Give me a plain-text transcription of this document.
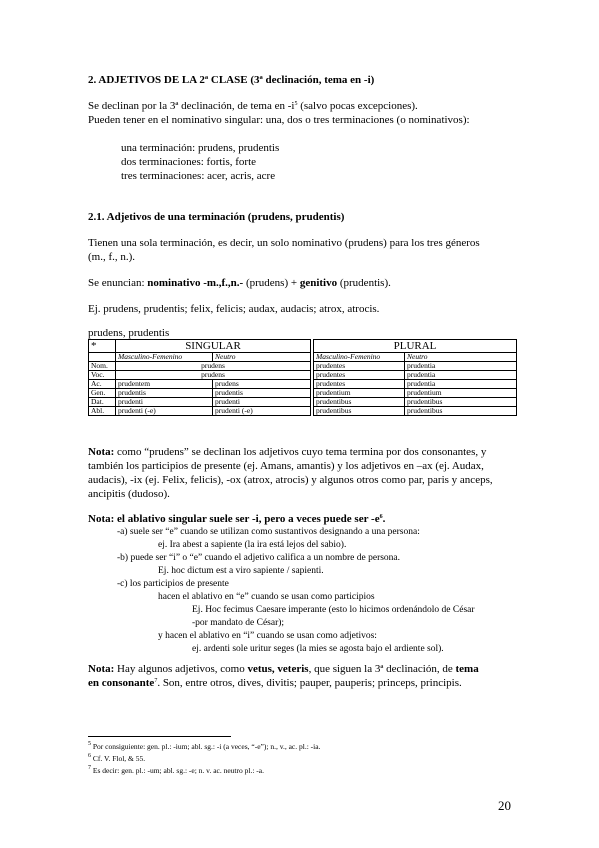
2. ADJETIVOS DE LA 2ª CLASE (3ª declinación, tema en -i)
Se declinan por la 3ª declinación, de tema en $-i^5$ (salvo pocas excepciones).
Pueden tener en el nominativo singular: una, dos o tres terminaciones (o nominativos):
una terminación: prudens, prudentis
dos terminaciones: fortis, forte
tres terminaciones: acer, acris, acre
2.1. Adjetivos de una terminación (prudens, prudentis)
Tienen una sola terminación, es decir, un solo nominativo (prudens) para los tres géneros
(m., f., n.).
Se enuncian: nominativo -m.,f.,n.- (prudens) + genitivo (prudentis).
Ej. prudens, prudentis; felix, felicis; audax, audacis; atrox, atrocis.
prudens, prudentis
*	SINGULAR			PLURAL	
	Masculino-Femenino	Neutro		Masculino-Femenino	Neutro
Nom.	prudens			prudentes	prudentia
Voc.	prudens			prudentes	prudentia
Ac.	prudentem	prudens		prudentes	prudentia
Gen.	prudentis	prudentis		prudentium	prudentium
Dat.	prudenti	prudenti		prudentibus	prudentibus
Abl.	prudenti (-e)	prudenti (-e)		prudentibus	prudentibus
Nota: como “prudens” se declinan los adjetivos cuyo tema termina por dos consonantes, y
también los participios de presente (ej. Amans, amantis) y los adjetivos en –ax (ej. Audax,
audacis), -ix (ej. Felix, felicis), -ox (atrox, atrocis) y algunos otros como par, paris y anceps,
ancipitis (dudoso).
Nota: el ablativo singular suele ser -i, pero a veces puede ser $-e^6$.
-a) suele ser “e” cuando se utilizan como sustantivos designando a una persona:
ej. Ira abest a sapiente (la ira está lejos del sabio).
-b) puede ser “i” o “e” cuando el adjetivo califica a un nombre de persona.
Ej. hoc dictum est a viro sapiente / sapienti.
-c) los participios de presente
hacen el ablativo en “e” cuando se usan como participios
Ej. Hoc fecimus Caesare imperante (esto lo hicimos ordenándolo de César
-por mandato de César);
y hacen el ablativo en “i” cuando se usan como adjetivos:
ej. ardenti sole uritur seges (la mies se agosta bajo el ardiente sol).
Nota: Hay algunos adjetivos, como vetus, veteris, que siguen la 3ª declinación, de tema
en consonante$^7$. Son, entre otros, dives, divitis; pauper, pauperis; princeps, principis.
$^5$ Por consiguiente: gen. pl.: -ium; abl. sg.: -i (a veces, “-e”); n., v., ac. pl.: -ia.
$^6$ Cf. V. Flol, & 55.
$^7$ Es decir: gen. pl.: -um; abl. sg.: -e; n. v. ac. neutro pl.: -a.
20
